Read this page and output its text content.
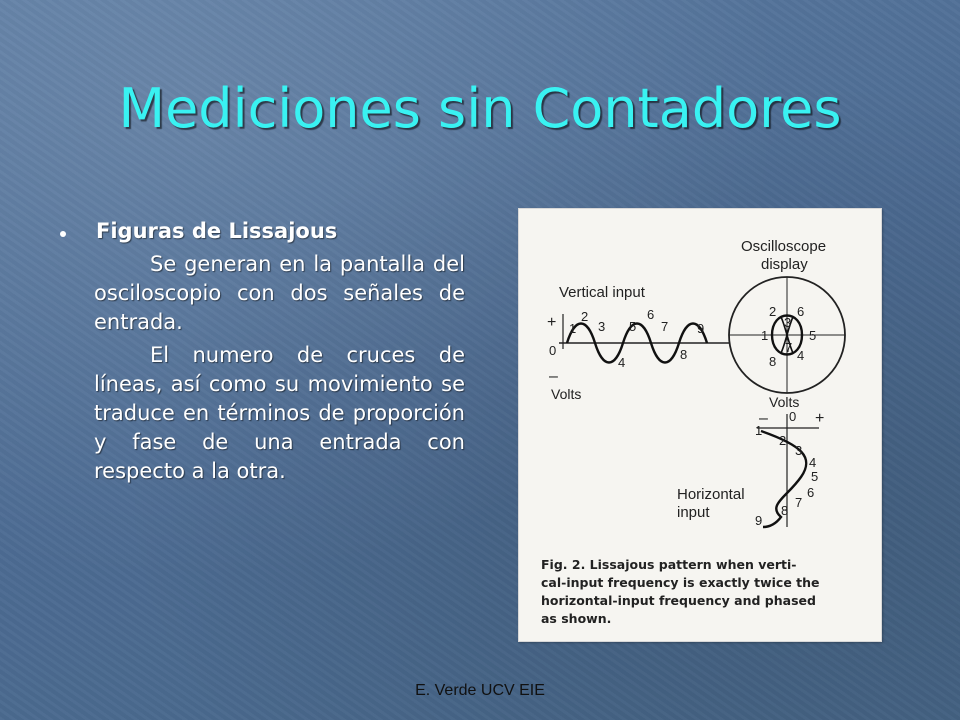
Mediciones sin Contadores
Figuras de Lissajous

Se generan en la pantalla del osciloscopio con dos señales de entrada.

El numero de cruces de líneas, así como su movimiento se traduce en términos de proporción y fase de una entrada con respecto a la otra.

Oscilloscope
display
Vertical input
+
0
–
Volts
1
2
3
4
5
6
7
8
9	1
2
3
4
5
6
7
8
Volts
– 0 +
1
2
3
4
5
6
7
8
9
Horizontal
input
Fig. 2. Lissajous pattern when verti-
cal-input frequency is exactly twice the
horizontal-input frequency and phased
as shown.
E. Verde UCV EIE
